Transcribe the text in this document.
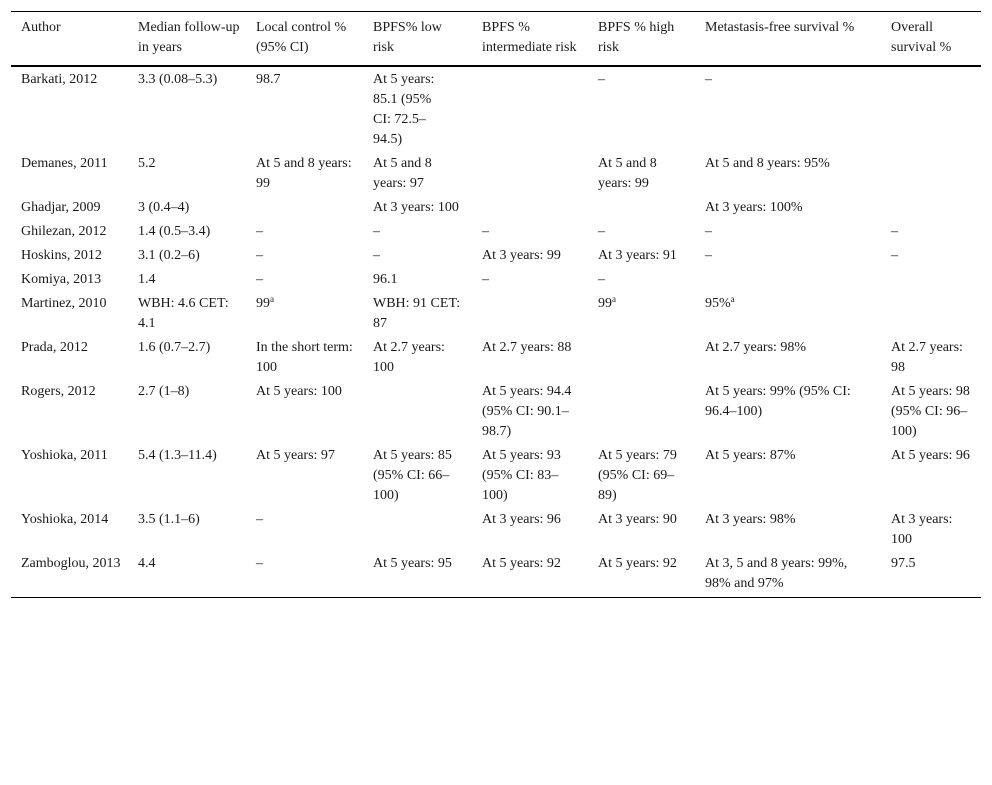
Author	Median follow-up in years	Local control % (95% CI)	BPFS% low risk	BPFS % intermediate risk	BPFS % high risk	Metastasis-free survival %	Overall survival %
Barkati, 2012	3.3 (0.08–5.3)	98.7	At 5 years: 85.1 (95% CI: 72.5–94.5)		–	–	
Demanes, 2011	5.2	At 5 and 8 years: 99	At 5 and 8 years: 97		At 5 and 8 years: 99	At 5 and 8 years: 95%	
Ghadjar, 2009	3 (0.4–4)		At 3 years: 100			At 3 years: 100%	
Ghilezan, 2012	1.4 (0.5–3.4)	–	–	–	–	–	–
Hoskins, 2012	3.1 (0.2–6)	–	–	At 3 years: 99	At 3 years: 91	–	–
Komiya, 2013	1.4	–	96.1	–	–		
Martinez, 2010	WBH: 4.6 CET: 4.1	99$^a$	WBH: 91 CET: 87		99$^a$	95%$^a$	
Prada, 2012	1.6 (0.7–2.7)	In the short term: 100	At 2.7 years: 100	At 2.7 years: 88		At 2.7 years: 98%	At 2.7 years: 98
Rogers, 2012	2.7 (1–8)	At 5 years: 100		At 5 years: 94.4 (95% CI: 90.1–98.7)		At 5 years: 99% (95% CI: 96.4–100)	At 5 years: 98 (95% CI: 96–100)
Yoshioka, 2011	5.4 (1.3–11.4)	At 5 years: 97	At 5 years: 85 (95% CI: 66–100)	At 5 years: 93 (95% CI: 83–100)	At 5 years: 79 (95% CI: 69–89)	At 5 years: 87%	At 5 years: 96
Yoshioka, 2014	3.5 (1.1–6)	–		At 3 years: 96	At 3 years: 90	At 3 years: 98%	At 3 years: 100
Zamboglou, 2013	4.4	–	At 5 years: 95	At 5 years: 92	At 5 years: 92	At 3, 5 and 8 years: 99%, 98% and 97%	97.5
